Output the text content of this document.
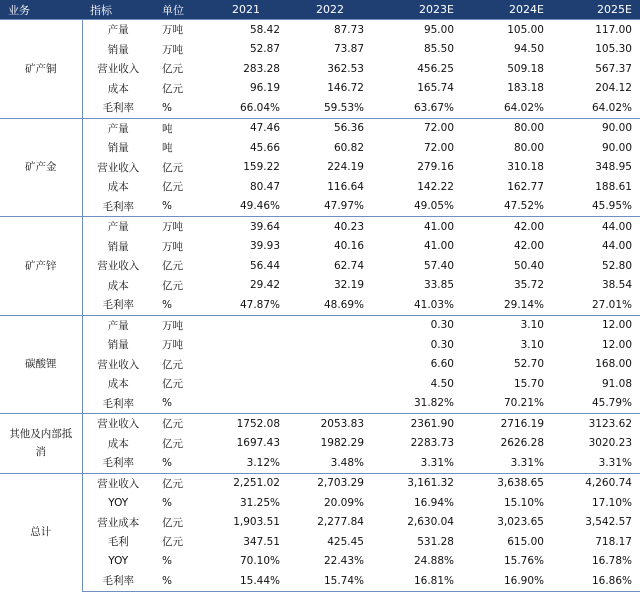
业务	指标	单位	2021	2022	2023E	2024E	2025E
矿产铜	产量	万吨	58.42	87.73	95.00	105.00	117.00
	销量	万吨	52.87	73.87	85.50	94.50	105.30
	营业收入	亿元	283.28	362.53	456.25	509.18	567.37
	成本	亿元	96.19	146.72	165.74	183.18	204.12
	毛利率	%	66.04%	59.53%	63.67%	64.02%	64.02%
矿产金	产量	吨	47.46	56.36	72.00	80.00	90.00
	销量	吨	45.66	60.82	72.00	80.00	90.00
	营业收入	亿元	159.22	224.19	279.16	310.18	348.95
	成本	亿元	80.47	116.64	142.22	162.77	188.61
	毛利率	%	49.46%	47.97%	49.05%	47.52%	45.95%
矿产锌	产量	万吨	39.64	40.23	41.00	42.00	44.00
	销量	万吨	39.93	40.16	41.00	42.00	44.00
	营业收入	亿元	56.44	62.74	57.40	50.40	52.80
	成本	亿元	29.42	32.19	33.85	35.72	38.54
	毛利率	%	47.87%	48.69%	41.03%	29.14%	27.01%
碳酸锂	产量	万吨			0.30	3.10	12.00
	销量	万吨			0.30	3.10	12.00
	营业收入	亿元			6.60	52.70	168.00
	成本	亿元			4.50	15.70	91.08
	毛利率	%			31.82%	70.21%	45.79%
其他及内部抵消	营业收入	亿元	1752.08	2053.83	2361.90	2716.19	3123.62
	成本	亿元	1697.43	1982.29	2283.73	2626.28	3020.23
	毛利率	%	3.12%	3.48%	3.31%	3.31%	3.31%
总计	营业收入	亿元	2,251.02	2,703.29	3,161.32	3,638.65	4,260.74
	YOY	%	31.25%	20.09%	16.94%	15.10%	17.10%
	营业成本	亿元	1,903.51	2,277.84	2,630.04	3,023.65	3,542.57
	毛利	亿元	347.51	425.45	531.28	615.00	718.17
	YOY	%	70.10%	22.43%	24.88%	15.76%	16.78%
	毛利率	%	15.44%	15.74%	16.81%	16.90%	16.86%
